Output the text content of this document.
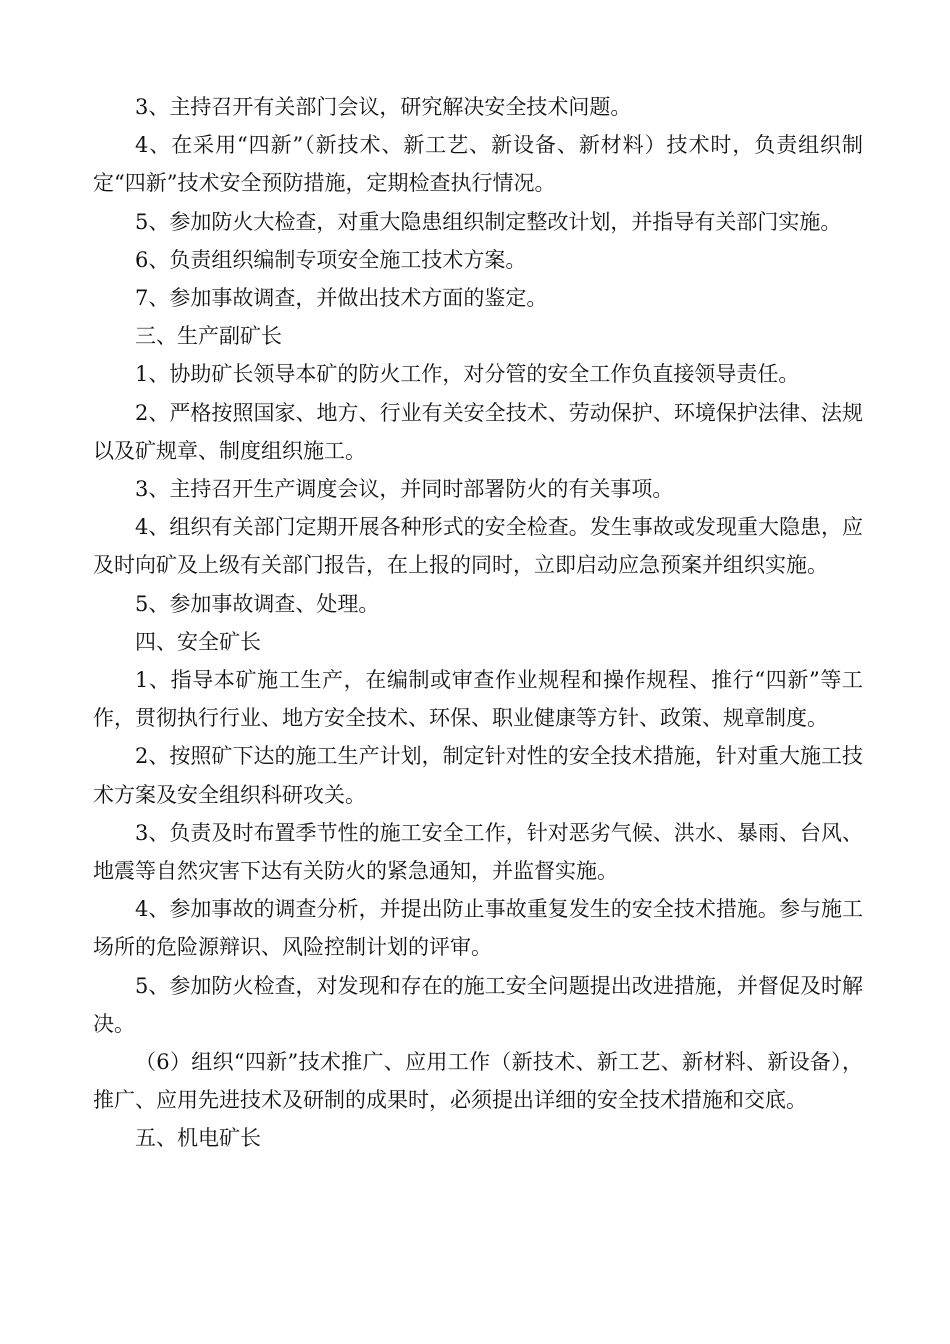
3、主持召开有关部门会议，研究解决安全技术问题。

4、在采用“四新”（新技术、新工艺、新设备、新材料）技术时，负责组织制定“四新”技术安全预防措施，定期检查执行情况。

5、参加防火大检查，对重大隐患组织制定整改计划，并指导有关部门实施。

6、负责组织编制专项安全施工技术方案。

7、参加事故调查，并做出技术方面的鉴定。

三、生产副矿长

1、协助矿长领导本矿的防火工作，对分管的安全工作负直接领导责任。

2、严格按照国家、地方、行业有关安全技术、劳动保护、环境保护法律、法规以及矿规章、制度组织施工。

3、主持召开生产调度会议，并同时部署防火的有关事项。

4、组织有关部门定期开展各种形式的安全检查。发生事故或发现重大隐患，应及时向矿及上级有关部门报告，在上报的同时，立即启动应急预案并组织实施。

5、参加事故调查、处理。

四、安全矿长

1、指导本矿施工生产，在编制或审查作业规程和操作规程、推行“四新”等工作，贯彻执行行业、地方安全技术、环保、职业健康等方针、政策、规章制度。

2、按照矿下达的施工生产计划，制定针对性的安全技术措施，针对重大施工技术方案及安全组织科研攻关。

3、负责及时布置季节性的施工安全工作，针对恶劣气候、洪水、暴雨、台风、地震等自然灾害下达有关防火的紧急通知，并监督实施。

4、参加事故的调查分析，并提出防止事故重复发生的安全技术措施。参与施工场所的危险源辩识、风险控制计划的评审。

5、参加防火检查，对发现和存在的施工安全问题提出改进措施，并督促及时解决。

（6）组织“四新”技术推广、应用工作（新技术、新工艺、新材料、新设备），推广、应用先进技术及研制的成果时，必须提出详细的安全技术措施和交底。

五、机电矿长
